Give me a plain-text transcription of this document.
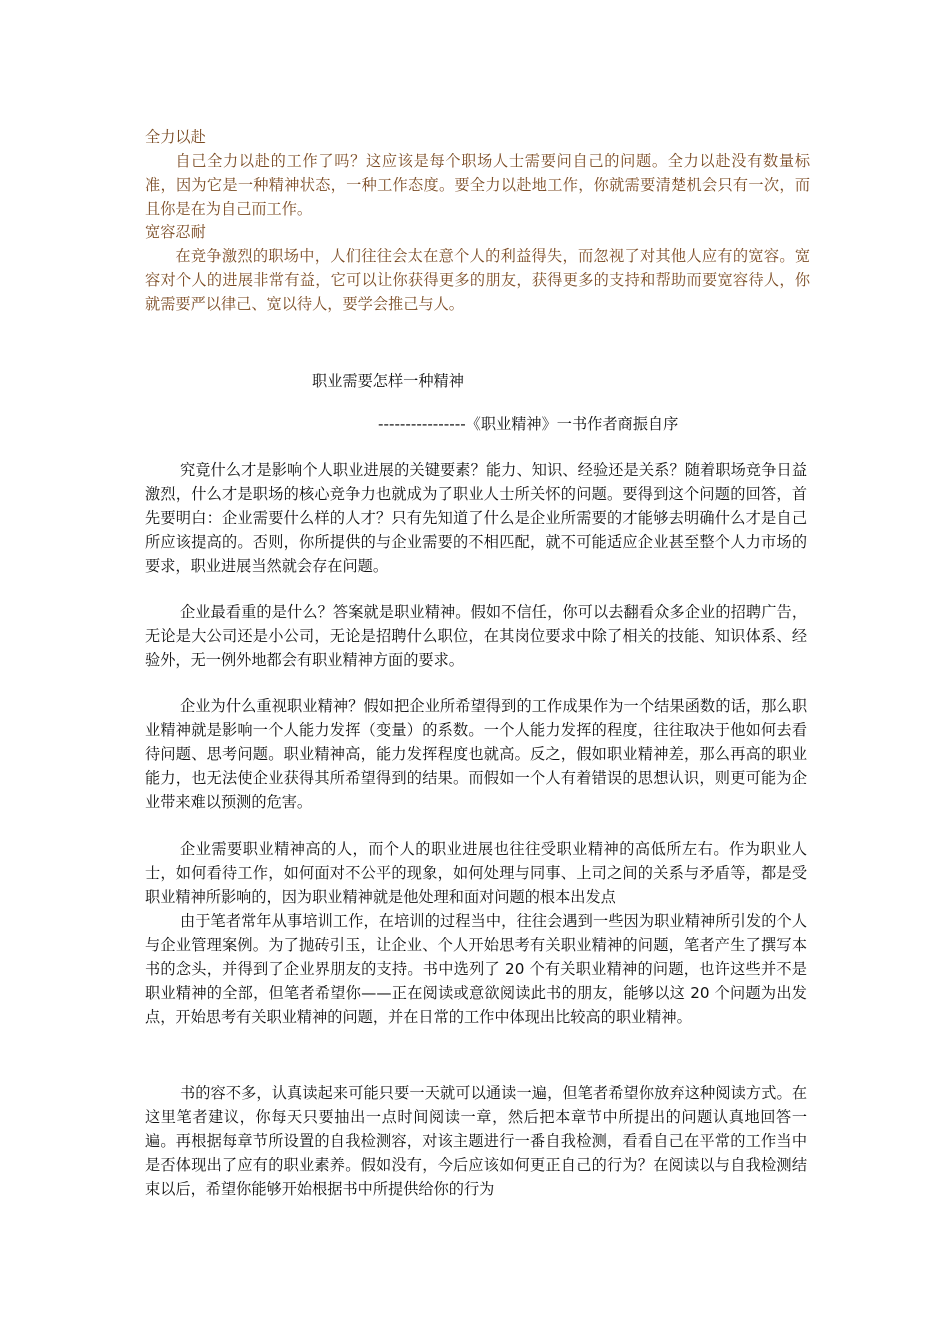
全力以赴

自己全力以赴的工作了吗？这应该是每个职场人士需要问自己的问题。全力以赴没有数量标准，因为它是一种精神状态，一种工作态度。要全力以赴地工作，你就需要清楚机会只有一次，而且你是在为自己而工作。

宽容忍耐

在竞争激烈的职场中，人们往往会太在意个人的利益得失，而忽视了对其他人应有的宽容。宽容对个人的进展非常有益，它可以让你获得更多的朋友，获得更多的支持和帮助而要宽容待人，你就需要严以律己、宽以待人，要学会推己与人。

职业需要怎样一种精神
----------------《职业精神》一书作者商振自序

究竟什么才是影响个人职业进展的关键要素？能力、知识、经验还是关系？随着职场竞争日益激烈，什么才是职场的核心竞争力也就成为了职业人士所关怀的问题。要得到这个问题的回答，首先要明白：企业需要什么样的人才？只有先知道了什么是企业所需要的才能够去明确什么才是自己所应该提高的。否则，你所提供的与企业需要的不相匹配，就不可能适应企业甚至整个人力市场的要求，职业进展当然就会存在问题。

企业最看重的是什么？答案就是职业精神。假如不信任，你可以去翻看众多企业的招聘广告，无论是大公司还是小公司，无论是招聘什么职位，在其岗位要求中除了相关的技能、知识体系、经验外，无一例外地都会有职业精神方面的要求。

企业为什么重视职业精神？假如把企业所希望得到的工作成果作为一个结果函数的话，那么职业精神就是影响一个人能力发挥（变量）的系数。一个人能力发挥的程度，往往取决于他如何去看待问题、思考问题。职业精神高，能力发挥程度也就高。反之，假如职业精神差，那么再高的职业能力，也无法使企业获得其所希望得到的结果。而假如一个人有着错误的思想认识，则更可能为企业带来难以预测的危害。

企业需要职业精神高的人，而个人的职业进展也往往受职业精神的高低所左右。作为职业人士，如何看待工作，如何面对不公平的现象，如何处理与同事、上司之间的关系与矛盾等，都是受职业精神所影响的，因为职业精神就是他处理和面对问题的根本出发点

由于笔者常年从事培训工作，在培训的过程当中，往往会遇到一些因为职业精神所引发的个人与企业管理案例。为了抛砖引玉，让企业、个人开始思考有关职业精神的问题，笔者产生了撰写本书的念头，并得到了企业界朋友的支持。书中选列了 20 个有关职业精神的问题，也许这些并不是职业精神的全部，但笔者希望你——正在阅读或意欲阅读此书的朋友，能够以这 20 个问题为出发点，开始思考有关职业精神的问题，并在日常的工作中体现出比较高的职业精神。

书的容不多，认真读起来可能只要一天就可以通读一遍，但笔者希望你放弃这种阅读方式。在这里笔者建议，你每天只要抽出一点时间阅读一章，然后把本章节中所提出的问题认真地回答一遍。再根据每章节所设置的自我检测容，对该主题进行一番自我检测，看看自己在平常的工作当中是否体现出了应有的职业素养。假如没有，今后应该如何更正自己的行为？在阅读以与自我检测结束以后，希望你能够开始根据书中所提供给你的行为
